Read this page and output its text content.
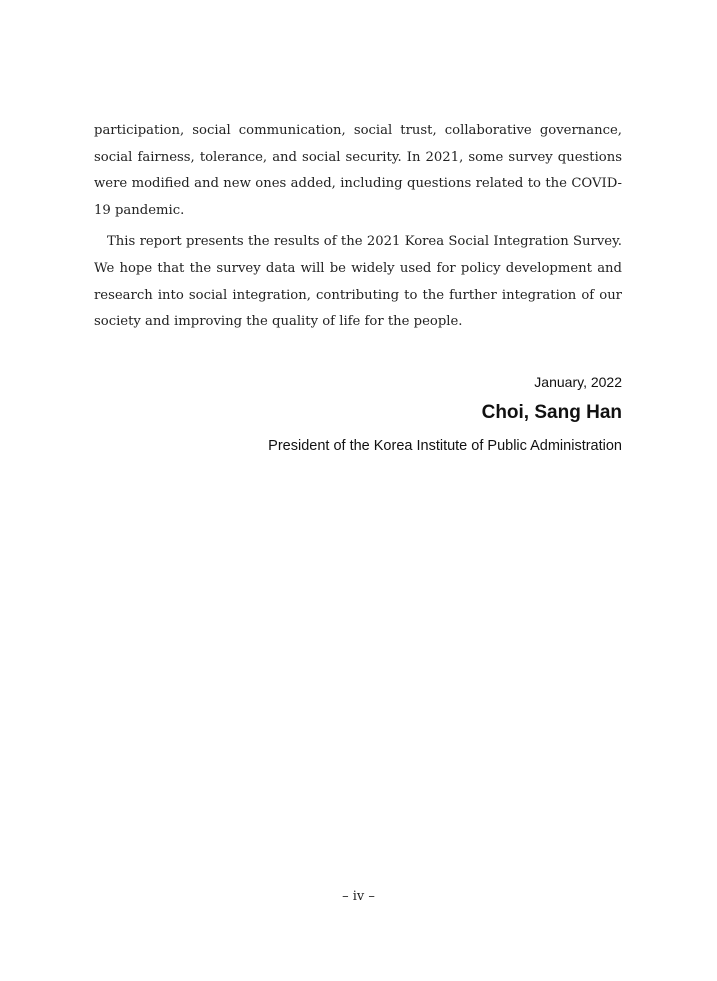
participation, social communication, social trust, collaborative governance, social fairness, tolerance, and social security. In 2021, some survey questions were modified and new ones added, including questions related to the COVID-19 pandemic.

This report presents the results of the 2021 Korea Social Integration Survey. We hope that the survey data will be widely used for policy development and research into social integration, contributing to the further integration of our society and improving the quality of life for the people.

January, 2022

Choi, Sang Han

President of the Korea Institute of Public Administration

– iv –
